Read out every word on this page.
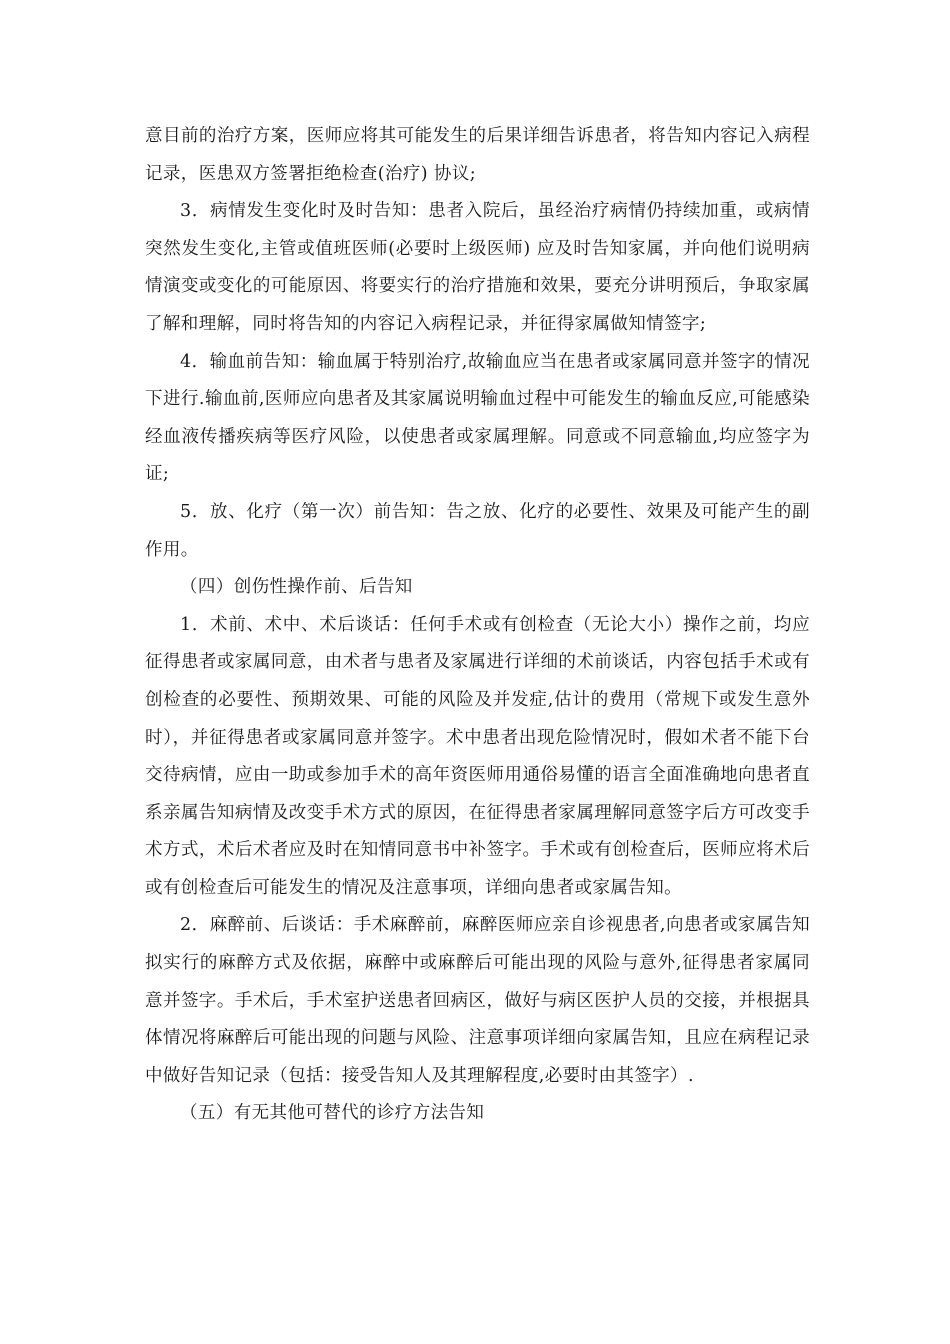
意目前的治疗方案，医师应将其可能发生的后果详细告诉患者，将告知内容记入病程记录，医患双方签署拒绝检查(治疗) 协议;

3．病情发生变化时及时告知：患者入院后，虽经治疗病情仍持续加重，或病情突然发生变化,主管或值班医师(必要时上级医师) 应及时告知家属，并向他们说明病情演变或变化的可能原因、将要实行的治疗措施和效果，要充分讲明预后，争取家属了解和理解，同时将告知的内容记入病程记录，并征得家属做知情签字;

4．输血前告知：输血属于特别治疗,故输血应当在患者或家属同意并签字的情况下进行.输血前,医师应向患者及其家属说明输血过程中可能发生的输血反应,可能感染经血液传播疾病等医疗风险，以使患者或家属理解。同意或不同意输血,均应签字为证;

5．放、化疗（第一次）前告知：告之放、化疗的必要性、效果及可能产生的副作用。

（四）创伤性操作前、后告知

1．术前、术中、术后谈话：任何手术或有创检查（无论大小）操作之前，均应征得患者或家属同意，由术者与患者及家属进行详细的术前谈话，内容包括手术或有创检查的必要性、预期效果、可能的风险及并发症,估计的费用（常规下或发生意外时），并征得患者或家属同意并签字。术中患者出现危险情况时，假如术者不能下台交待病情，应由一助或参加手术的高年资医师用通俗易懂的语言全面准确地向患者直系亲属告知病情及改变手术方式的原因，在征得患者家属理解同意签字后方可改变手术方式，术后术者应及时在知情同意书中补签字。手术或有创检查后，医师应将术后或有创检查后可能发生的情况及注意事项，详细向患者或家属告知。

2．麻醉前、后谈话：手术麻醉前，麻醉医师应亲自诊视患者,向患者或家属告知拟实行的麻醉方式及依据，麻醉中或麻醉后可能出现的风险与意外,征得患者家属同意并签字。手术后，手术室护送患者回病区，做好与病区医护人员的交接，并根据具体情况将麻醉后可能出现的问题与风险、注意事项详细向家属告知，且应在病程记录中做好告知记录（包括：接受告知人及其理解程度,必要时由其签字）.

（五）有无其他可替代的诊疗方法告知
